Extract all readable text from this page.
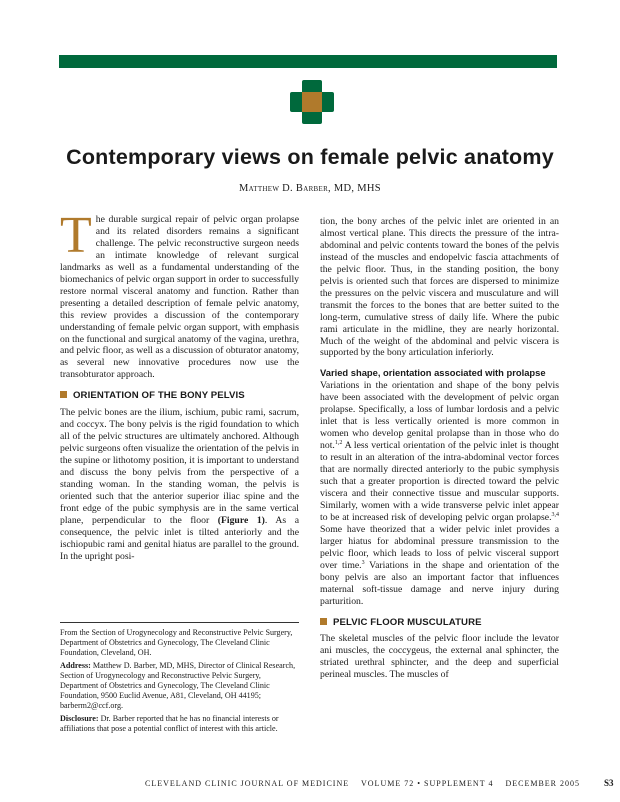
Contemporary views on female pelvic anatomy
Matthew D. Barber, MD, MHS

The durable surgical repair of pelvic organ prolapse and its related disorders remains a significant challenge. The pelvic reconstructive surgeon needs an intimate knowledge of relevant surgical landmarks as well as a fundamental understanding of the biomechanics of pelvic organ support in order to successfully restore normal visceral anatomy and function. Rather than presenting a detailed description of female pelvic anatomy, this review provides a discussion of the contemporary understanding of female pelvic organ support, with emphasis on the functional and surgical anatomy of the vagina, urethra, and pelvic floor, as well as a discussion of obturator anatomy, as several new innovative procedures now use the transobturator approach.

ORIENTATION OF THE BONY PELVIS

The pelvic bones are the ilium, ischium, pubic rami, sacrum, and coccyx. The bony pelvis is the rigid foundation to which all of the pelvic structures are ultimately anchored. Although pelvic surgeons often visualize the orientation of the pelvis in the supine or lithotomy position, it is important to understand and discuss the bony pelvis from the perspective of a standing woman. In the standing woman, the pelvis is oriented such that the anterior superior iliac spine and the front edge of the pubic symphysis are in the same vertical plane, perpendicular to the floor (Figure 1). As a consequence, the pelvic inlet is tilted anteriorly and the ischiopubic rami and genital hiatus are parallel to the ground. In the upright posi-

tion, the bony arches of the pelvic inlet are oriented in an almost vertical plane. This directs the pressure of the intra-abdominal and pelvic contents toward the bones of the pelvis instead of the muscles and endopelvic fascia attachments of the pelvic floor. Thus, in the standing position, the bony pelvis is oriented such that forces are dispersed to minimize the pressures on the pelvic viscera and musculature and will transmit the forces to the bones that are better suited to the long-term, cumulative stress of daily life. Where the pubic rami articulate in the midline, they are nearly horizontal. Much of the weight of the abdominal and pelvic viscera is supported by the bony articulation inferiorly.

Varied shape, orientation associated with prolapse

Variations in the orientation and shape of the bony pelvis have been associated with the development of pelvic organ prolapse. Specifically, a loss of lumbar lordosis and a pelvic inlet that is less vertically oriented is more common in women who develop genital prolapse than in those who do not.$^{1,2}$ A less vertical orientation of the pelvic inlet is thought to result in an alteration of the intra-abdominal vector forces that are normally directed anteriorly to the pubic symphysis such that a greater proportion is directed toward the pelvic viscera and their connective tissue and muscular supports. Similarly, women with a wide transverse pelvic inlet appear to be at increased risk of developing pelvic organ prolapse.$^{3,4}$ Some have theorized that a wider pelvic inlet provides a larger hiatus for abdominal pressure transmission to the pelvic floor, which leads to loss of pelvic visceral support over time.$^3$ Variations in the shape and orientation of the bony pelvis are also an important factor that influences maternal soft-tissue damage and nerve injury during parturition.

PELVIC FLOOR MUSCULATURE

The skeletal muscles of the pelvic floor include the levator ani muscles, the coccygeus, the external anal sphincter, the striated urethral sphincter, and the deep and superficial perineal muscles. The muscles of

From the Section of Urogynecology and Reconstructive Pelvic Surgery, Department of Obstetrics and Gynecology, The Cleveland Clinic Foundation, Cleveland, OH.

Address: Matthew D. Barber, MD, MHS, Director of Clinical Research, Section of Urogynecology and Reconstructive Pelvic Surgery, Department of Obstetrics and Gynecology, The Cleveland Clinic Foundation, 9500 Euclid Avenue, A81, Cleveland, OH 44195; barberm2@ccf.org.

Disclosure: Dr. Barber reported that he has no financial interests or affiliations that pose a potential conflict of interest with this article.

CLEVELAND CLINIC JOURNAL OF MEDICINE VOLUME 72 • SUPPLEMENT 4 DECEMBER 2005	S3
